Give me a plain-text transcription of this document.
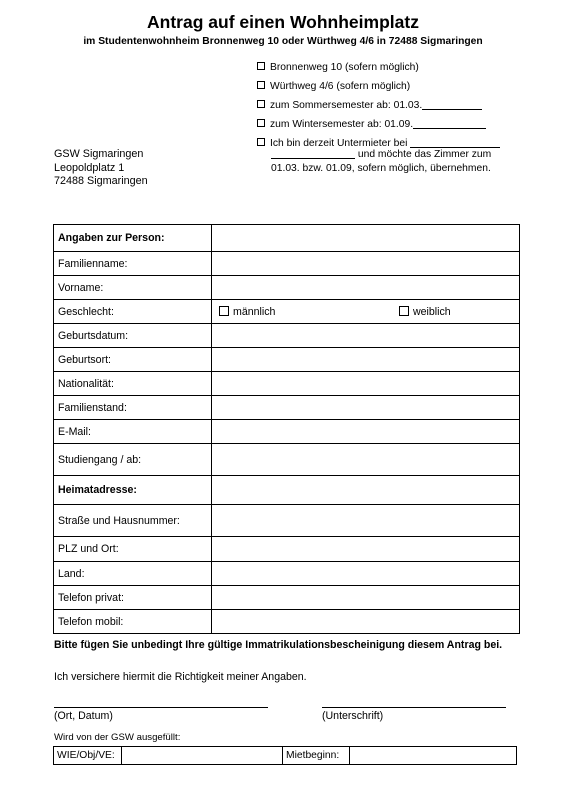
Antrag auf einen Wohnheimplatz
im Studentenwohnheim Bronnenweg 10 oder Würthweg 4/6 in 72488 Sigmaringen
Bronnenweg 10 (sofern möglich)
Würthweg 4/6 (sofern möglich)
zum Sommersemester ab: 01.03.
zum Wintersemester ab: 01.09.
Ich bin derzeit Untermieter bei
und möchte das Zimmer zum
01.03. bzw. 01.09, sofern möglich, übernehmen.
GSW Sigmaringen
Leopoldplatz 1
72488 Sigmaringen
Angaben zur Person:	
Familienname:	
Vorname:	
Geschlecht:	männlich weiblich
Geburtsdatum:	
Geburtsort:	
Nationalität:	
Familienstand:	
E-Mail:	
Studiengang / ab:	
Heimatadresse:	
Straße und Hausnummer:	
PLZ und Ort:	
Land:	
Telefon privat:	
Telefon mobil:	
Bitte fügen Sie unbedingt Ihre gültige Immatrikulationsbescheinigung diesem Antrag bei.
Ich versichere hiermit die Richtigkeit meiner Angaben.
(Ort, Datum)	(Unterschrift)
Wird von der GSW ausgefüllt:
WIE/Obj/VE:		Mietbeginn:	
